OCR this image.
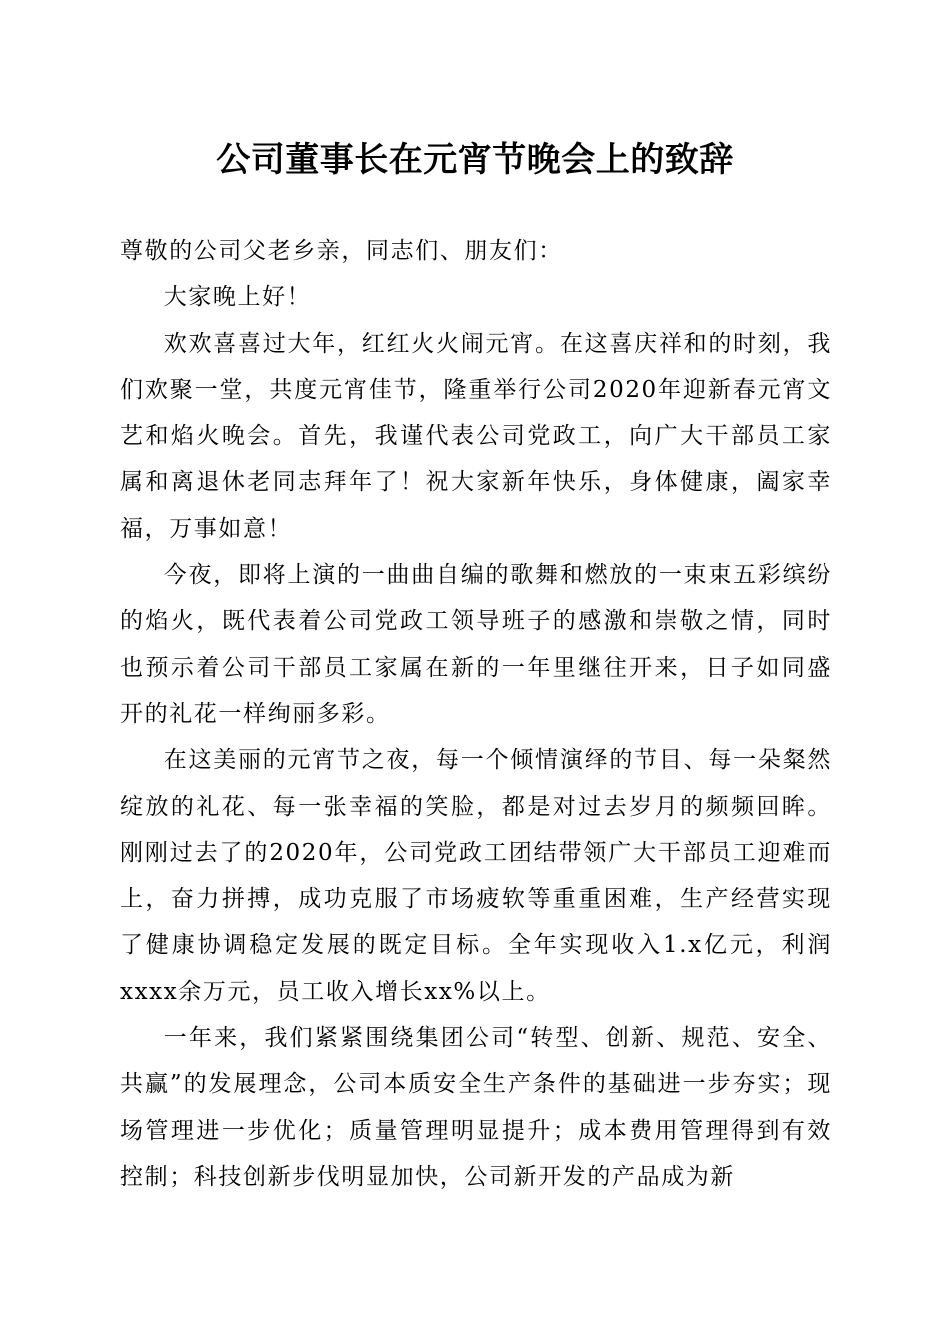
公司董事长在元宵节晚会上的致辞

尊敬的公司父老乡亲，同志们、朋友们：

大家晚上好！

欢欢喜喜过大年，红红火火闹元宵。在这喜庆祥和的时刻，我们欢聚一堂，共度元宵佳节，隆重举行公司2020年迎新春元宵文艺和焰火晚会。首先，我谨代表公司党政工，向广大干部员工家属和离退休老同志拜年了！祝大家新年快乐，身体健康，阖家幸福，万事如意！

今夜，即将上演的一曲曲自编的歌舞和燃放的一束束五彩缤纷的焰火，既代表着公司党政工领导班子的感激和崇敬之情，同时也预示着公司干部员工家属在新的一年里继往开来，日子如同盛开的礼花一样绚丽多彩。

在这美丽的元宵节之夜，每一个倾情演绎的节目、每一朵粲然绽放的礼花、每一张幸福的笑脸，都是对过去岁月的频频回眸。刚刚过去了的2020年，公司党政工团结带领广大干部员工迎难而上，奋力拼搏，成功克服了市场疲软等重重困难，生产经营实现了健康协调稳定发展的既定目标。全年实现收入1.x亿元，利润xxxx余万元，员工收入增长xx%以上。

一年来，我们紧紧围绕集团公司“转型、创新、规范、安全、共赢”的发展理念，公司本质安全生产条件的基础进一步夯实；现场管理进一步优化；质量管理明显提升；成本费用管理得到有效控制；科技创新步伐明显加快，公司新开发的产品成为新
